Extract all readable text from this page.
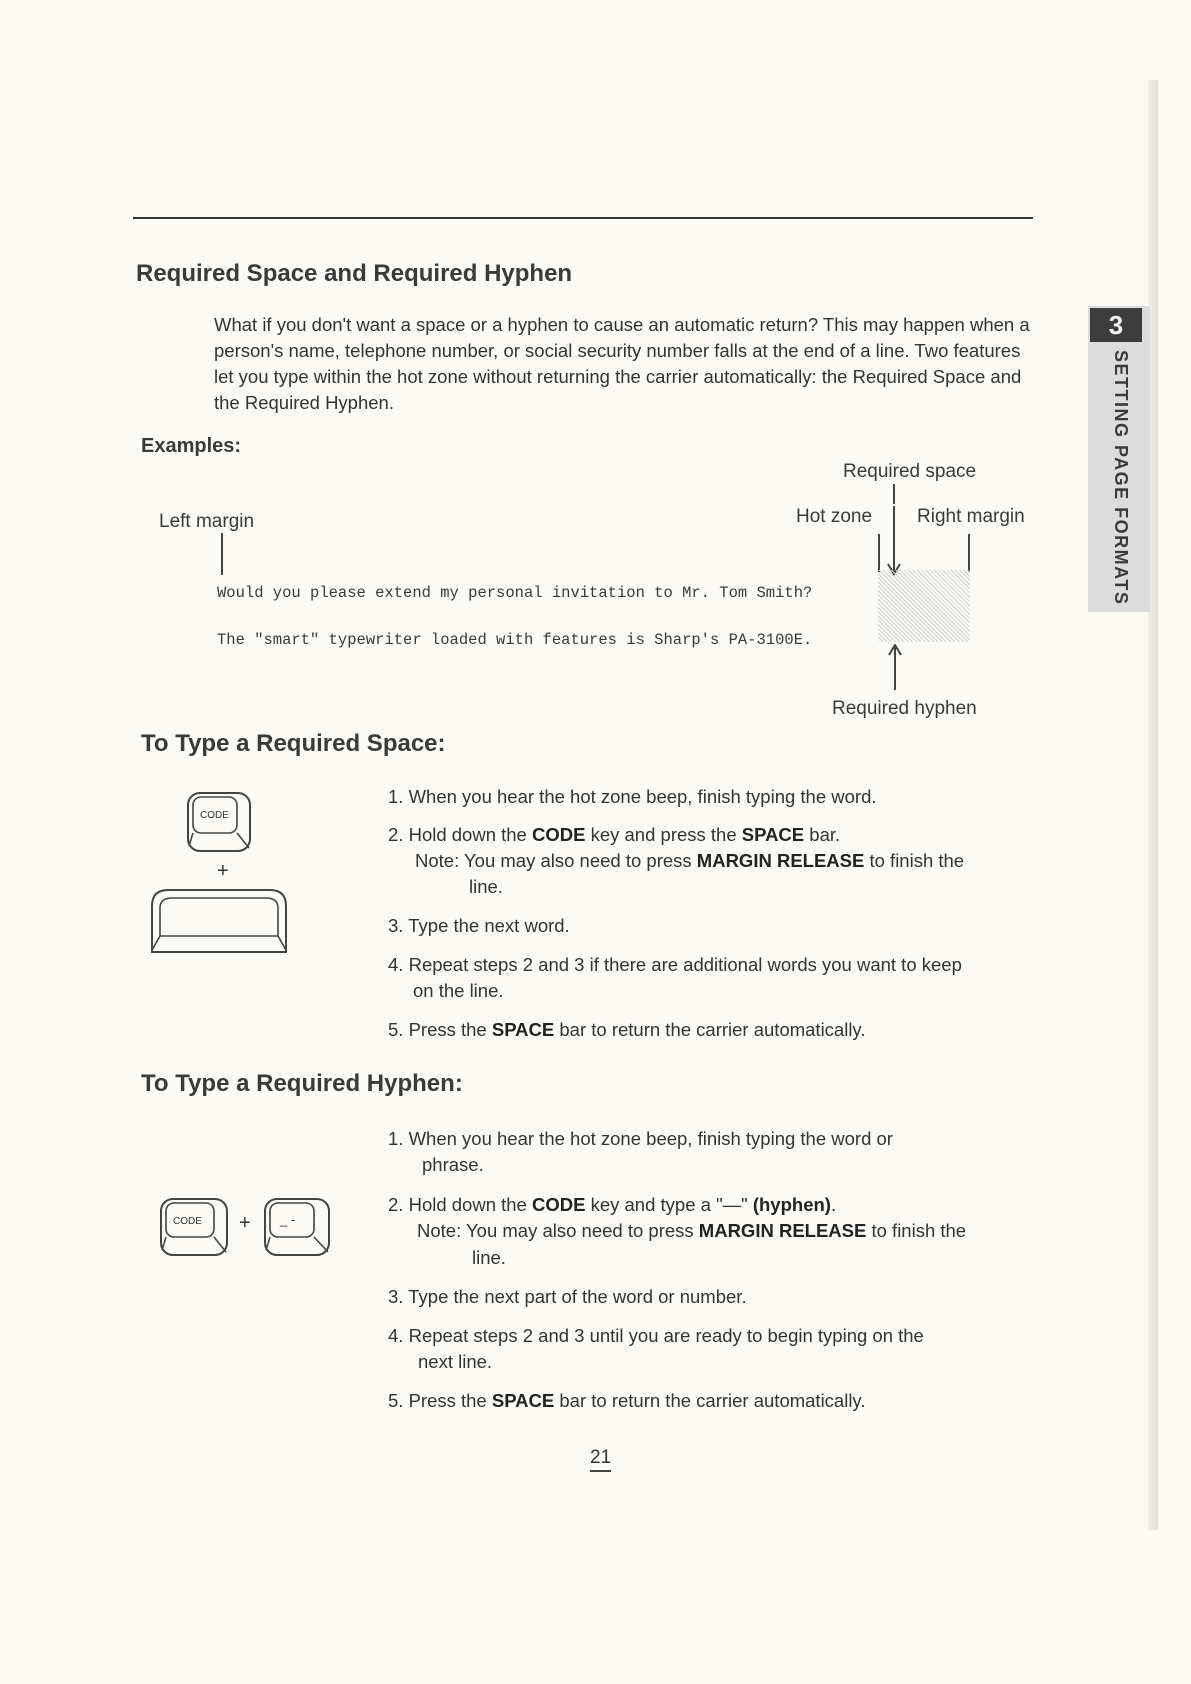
Required Space and Required Hyphen
What if you don't want a space or a hyphen to cause an automatic return? This may happen when a person's name, telephone number, or social security number falls at the end of a line. Two features let you type within the hot zone without returning the carrier automatically: the Required Space and the Required Hyphen.
Examples:
Required space
Left margin	Hot zone Right margin
Would you please extend my personal invitation to Mr. Tom Smith?
The "smart" typewriter loaded with features is Sharp's PA-3100E.
Required hyphen
To Type a Required Space:
CODE
+
1. When you hear the hot zone beep, finish typing the word.
2. Hold down the CODE key and press the SPACE bar.
Note: You may also need to press MARGIN RELEASE to finish the
line.
3. Type the next word.
4. Repeat steps 2 and 3 if there are additional words you want to keep
on the line.
5. Press the SPACE bar to return the carrier automatically.
To Type a Required Hyphen:
CODE + _ -
1. When you hear the hot zone beep, finish typing the word or
phrase.
2. Hold down the CODE key and type a "—" (hyphen).
Note: You may also need to press MARGIN RELEASE to finish the
line.
3. Type the next part of the word or number.
4. Repeat steps 2 and 3 until you are ready to begin typing on the
next line.
5. Press the SPACE bar to return the carrier automatically.
3
SETTING PAGE FORMATS
21
